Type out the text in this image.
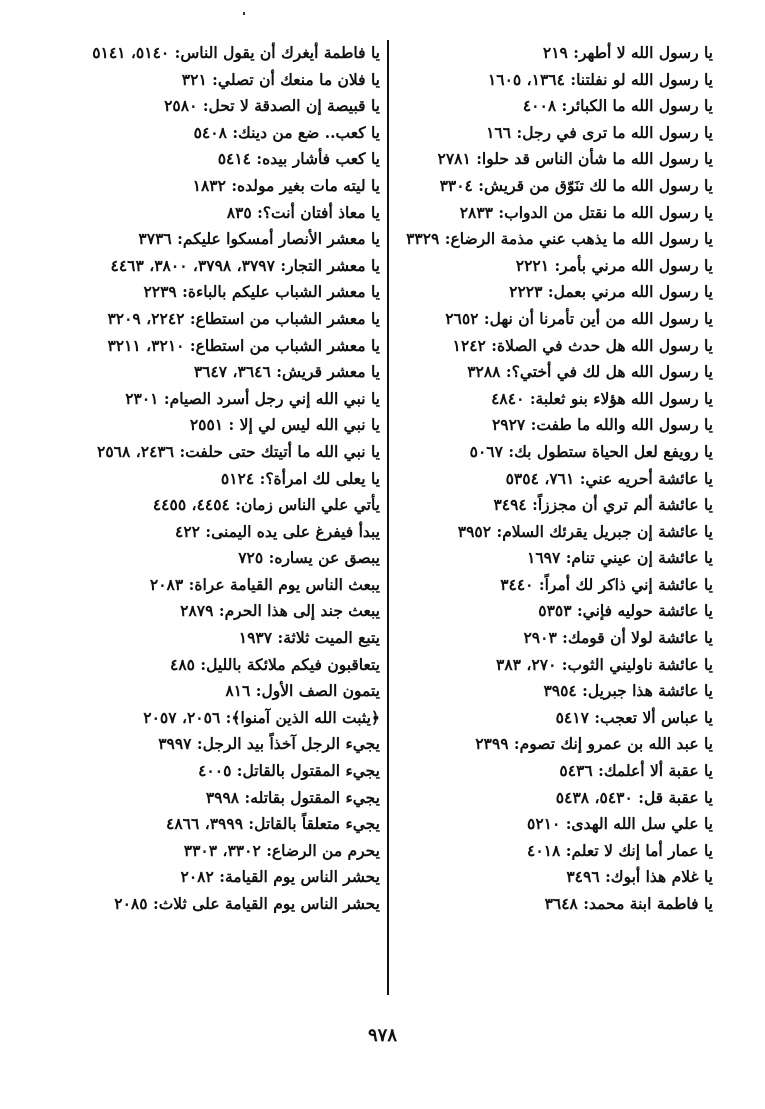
يا رسول الله لا أطهر: ٢١٩
يا رسول الله لو نفلتنا: ١٣٦٤، ١٦٠٥
يا رسول الله ما الكبائر: ٤٠٠٨
يا رسول الله ما ترى في رجل: ١٦٦
يا رسول الله ما شأن الناس قد حلوا: ٢٧٨١
يا رسول الله ما لك تنَوّق من قريش: ٣٣٠٤
يا رسول الله ما نقتل من الدواب: ٢٨٣٣
يا رسول الله ما يذهب عني مذمة الرضاع: ٣٣٢٩
يا رسول الله مرني بأمر: ٢٢٢١
يا رسول الله مرني بعمل: ٢٢٢٣
يا رسول الله من أين تأمرنا أن نهل: ٢٦٥٢
يا رسول الله هل حدث في الصلاة: ١٢٤٢
يا رسول الله هل لك في أختي؟: ٣٢٨٨
يا رسول الله هؤلاء بنو ثعلبة: ٤٨٤٠
يا رسول الله والله ما طفت: ٢٩٢٧
يا رويفع لعل الحياة ستطول بك: ٥٠٦٧
يا عائشة أحريه عني: ٧٦١، ٥٣٥٤
يا عائشة ألم تري أن مجززاً: ٣٤٩٤
يا عائشة إن جبريل يقرئك السلام: ٣٩٥٢
يا عائشة إن عيني تنام: ١٦٩٧
يا عائشة إني ذاكر لك أمراً: ٣٤٤٠
يا عائشة حوليه فإني: ٥٣٥٣
يا عائشة لولا أن قومك: ٢٩٠٣
يا عائشة ناوليني الثوب: ٢٧٠، ٣٨٣
يا عائشة هذا جبريل: ٣٩٥٤
يا عباس ألا تعجب: ٥٤١٧
يا عبد الله بن عمرو إنك تصوم: ٢٣٩٩
يا عقبة ألا أعلمك: ٥٤٣٦
يا عقبة قل: ٥٤٣٠، ٥٤٣٨
يا علي سل الله الهدى: ٥٢١٠
يا عمار أما إنك لا تعلم: ٤٠١٨
يا غلام هذا أبوك: ٣٤٩٦
يا فاطمة ابنة محمد: ٣٦٤٨
يا فاطمة أيغرك أن يقول الناس: ٥١٤٠، ٥١٤١
يا فلان ما منعك أن تصلي: ٣٢١
يا قبيصة إن الصدقة لا تحل: ٢٥٨٠
يا كعب.. ضع من دينك: ٥٤٠٨
يا كعب فأشار بيده: ٥٤١٤
يا ليته مات بغير مولده: ١٨٣٢
يا معاذ أفتان أنت؟: ٨٣٥
يا معشر الأنصار أمسكوا عليكم: ٣٧٣٦
يا معشر التجار: ٣٧٩٧، ٣٧٩٨، ٣٨٠٠، ٤٤٦٣
يا معشر الشباب عليكم بالباءة: ٢٢٣٩
يا معشر الشباب من استطاع: ٢٢٤٢، ٣٢٠٩
يا معشر الشباب من استطاع: ٣٢١٠، ٣٢١١
يا معشر قريش: ٣٦٤٦، ٣٦٤٧
يا نبي الله إني رجل أسرد الصيام: ٢٣٠١
يا نبي الله ليس لي إلا : ٢٥٥١
يا نبي الله ما أتيتك حتى حلفت: ٢٤٣٦، ٢٥٦٨
يا يعلى لك امرأة؟: ٥١٢٤
يأتي علي الناس زمان: ٤٤٥٤، ٤٤٥٥
يبدأ فيفرغ على يده اليمنى: ٤٢٢
يبصق عن يساره: ٧٢٥
يبعث الناس يوم القيامة عراة: ٢٠٨٣
يبعث جند إلى هذا الحرم: ٢٨٧٩
يتبع الميت ثلاثة: ١٩٣٧
يتعاقبون فيكم ملائكة بالليل: ٤٨٥
يتمون الصف الأول: ٨١٦
﴿يثبت الله الذين آمنوا﴾: ٢٠٥٦، ٢٠٥٧
يجيء الرجل آخذاً بيد الرجل: ٣٩٩٧
يجيء المقتول بالقاتل: ٤٠٠٥
يجيء المقتول بقاتله: ٣٩٩٨
يجيء متعلقاً بالقاتل: ٣٩٩٩، ٤٨٦٦
يحرم من الرضاع: ٣٣٠٢، ٣٣٠٣
يحشر الناس يوم القيامة: ٢٠٨٢
يحشر الناس يوم القيامة على ثلاث: ٢٠٨٥
٩٧٨
